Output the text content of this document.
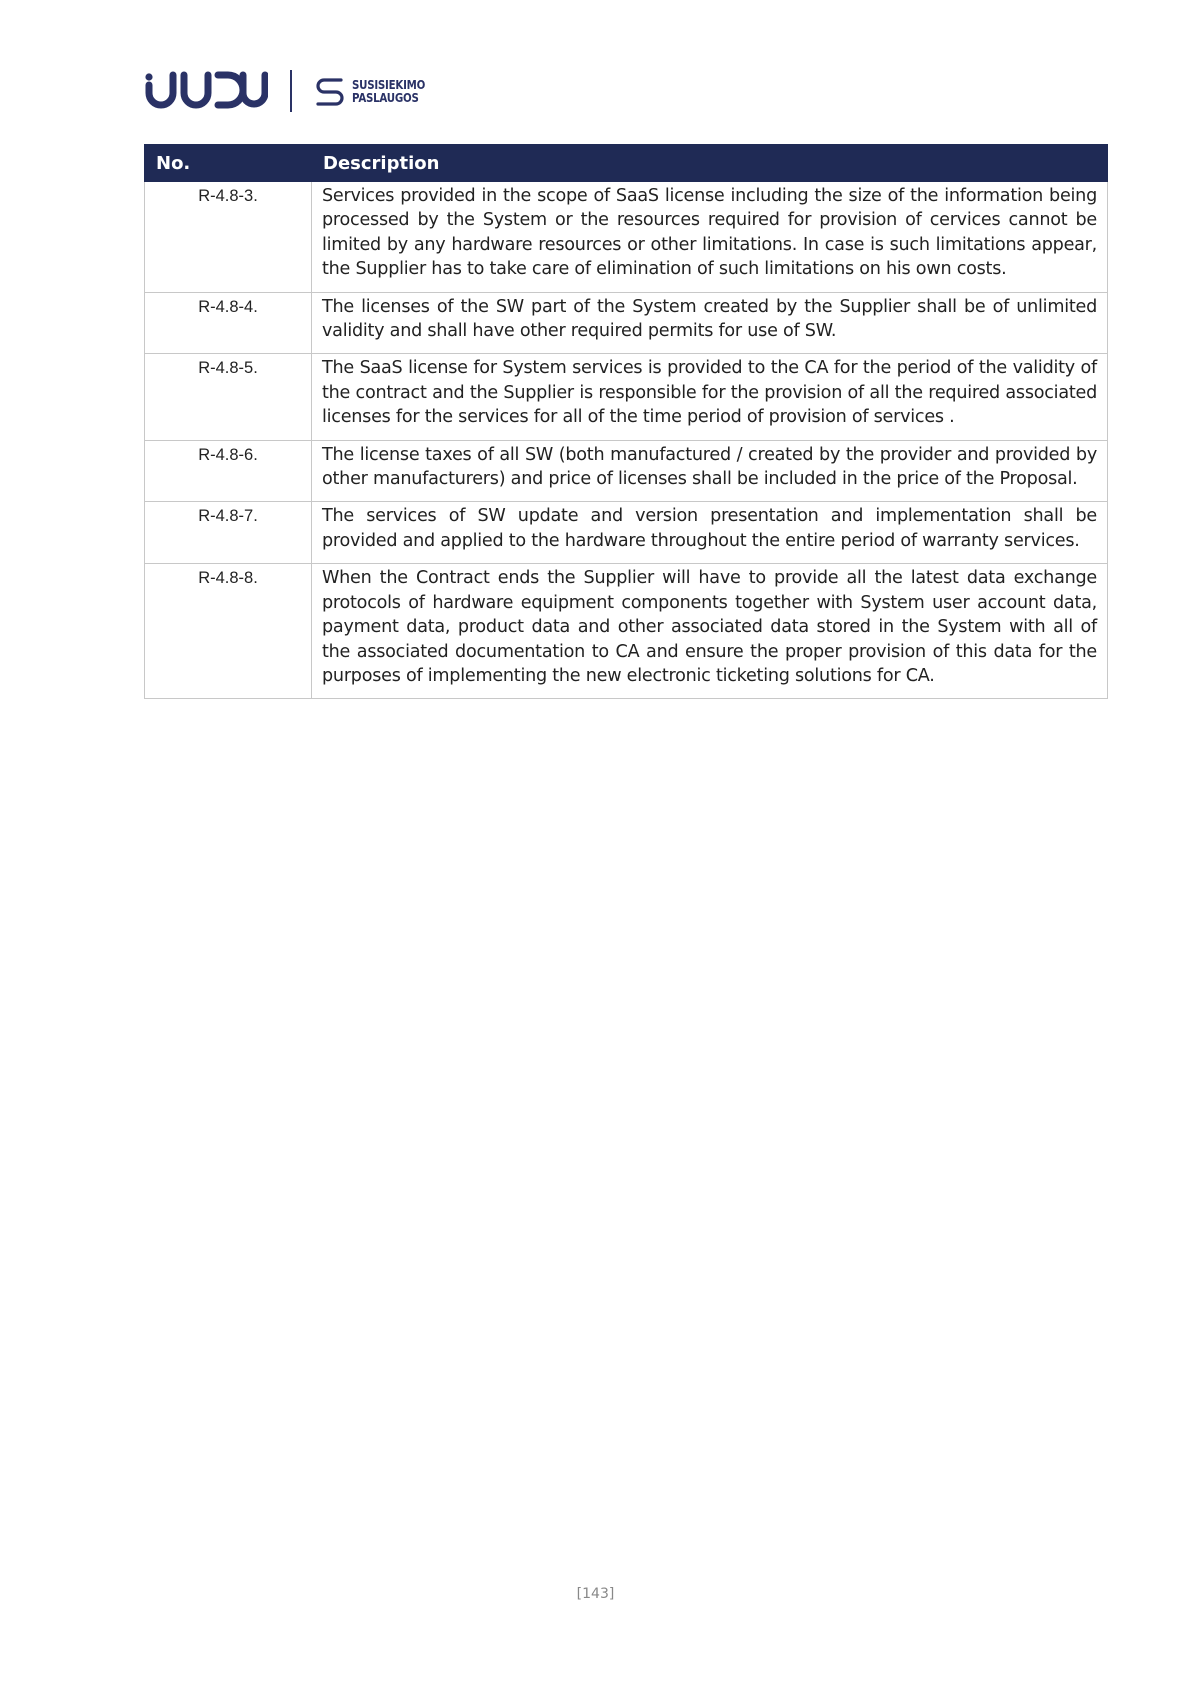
SUSISIEKIMO
PASLAUGOS
No.	Description
R-4.8-3.	Services provided in the scope of SaaS license including the size of the information being processed by the System or the resources required for provision of cervices cannot be limited by any hardware resources or other limitations. In case is such limitations appear, the Supplier has to take care of elimination of such limitations on his own costs.
R-4.8-4.	The licenses of the SW part of the System created by the Supplier shall be of unlimited validity and shall have other required permits for use of SW.
R-4.8-5.	The SaaS license for System services is provided to the CA for the period of the validity of the contract and the Supplier is responsible for the provision of all the required associated licenses for the services for all of the time period of provision of services .
R-4.8-6.	The license taxes of all SW (both manufactured / created by the provider and provided by other manufacturers) and price of licenses shall be included in the price of the Proposal.
R-4.8-7.	The services of SW update and version presentation and implementation shall be provided and applied to the hardware throughout the entire period of warranty services.
R-4.8-8.	When the Contract ends the Supplier will have to provide all the latest data exchange protocols of hardware equipment components together with System user account data, payment data, product data and other associated data stored in the System with all of the associated documentation to CA and ensure the proper provision of this data for the purposes of implementing the new electronic ticketing solutions for CA.
[143]
